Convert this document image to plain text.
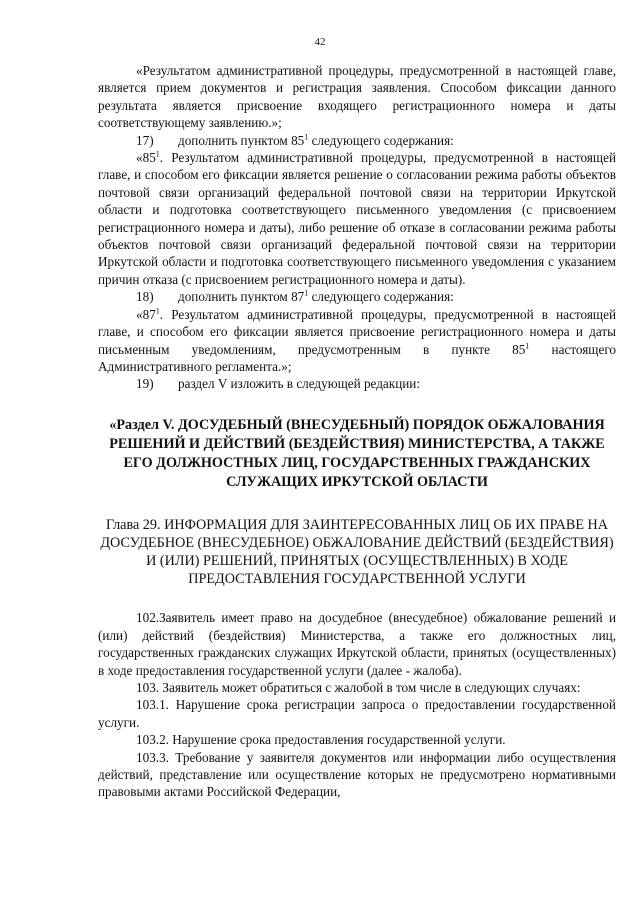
42

«Результатом административной процедуры, предусмотренной в настоящей главе, является прием документов и регистрация заявления. Способом фиксации данного результата является присвоение входящего регистрационного номера и даты соответствующему заявлению.»;

17)	дополнить пунктом $85^1$ следующего содержания:

«$85^1$. Результатом административной процедуры, предусмотренной в настоящей главе, и способом его фиксации является решение о согласовании режима работы объектов почтовой связи организаций федеральной почтовой связи на территории Иркутской области и подготовка соответствующего письменного уведомления (с присвоением регистрационного номера и даты), либо решение об отказе в согласовании режима работы объектов почтовой связи организаций федеральной почтовой связи на территории Иркутской области и подготовка соответствующего письменного уведомления с указанием причин отказа (с присвоением регистрационного номера и даты).

18)	дополнить пунктом $87^1$ следующего содержания:

«$87^1$. Результатом административной процедуры, предусмотренной в настоящей главе, и способом его фиксации является присвоение регистрационного номера и даты письменным уведомлениям, предусмотренным в пункте $85^1$ настоящего Административного регламента.»;

19)	раздел V изложить в следующей редакции:
«Раздел V. ДОСУДЕБНЫЙ (ВНЕСУДЕБНЫЙ) ПОРЯДОК ОБЖАЛОВАНИЯ РЕШЕНИЙ И ДЕЙСТВИЙ (БЕЗДЕЙСТВИЯ) МИНИСТЕРСТВА, А ТАКЖЕ ЕГО ДОЛЖНОСТНЫХ ЛИЦ, ГОСУДАРСТВЕННЫХ ГРАЖДАНСКИХ СЛУЖАЩИХ ИРКУТСКОЙ ОБЛАСТИ
Глава 29. ИНФОРМАЦИЯ ДЛЯ ЗАИНТЕРЕСОВАННЫХ ЛИЦ ОБ ИХ ПРАВЕ НА ДОСУДЕБНОЕ (ВНЕСУДЕБНОЕ) ОБЖАЛОВАНИЕ ДЕЙСТВИЙ (БЕЗДЕЙСТВИЯ) И (ИЛИ) РЕШЕНИЙ, ПРИНЯТЫХ (ОСУЩЕСТВЛЕННЫХ) В ХОДЕ ПРЕДОСТАВЛЕНИЯ ГОСУДАРСТВЕННОЙ УСЛУГИ

102.Заявитель имеет право на досудебное (внесудебное) обжалование решений и (или) действий (бездействия) Министерства, а также его должностных лиц, государственных гражданских служащих Иркутской области, принятых (осуществленных) в ходе предоставления государственной услуги (далее - жалоба).

103. Заявитель может обратиться с жалобой в том числе в следующих случаях:

103.1. Нарушение срока регистрации запроса о предоставлении государственной услуги.

103.2. Нарушение срока предоставления государственной услуги.

103.3. Требование у заявителя документов или информации либо осуществления действий, представление или осуществление которых не предусмотрено нормативными правовыми актами Российской Федерации,
